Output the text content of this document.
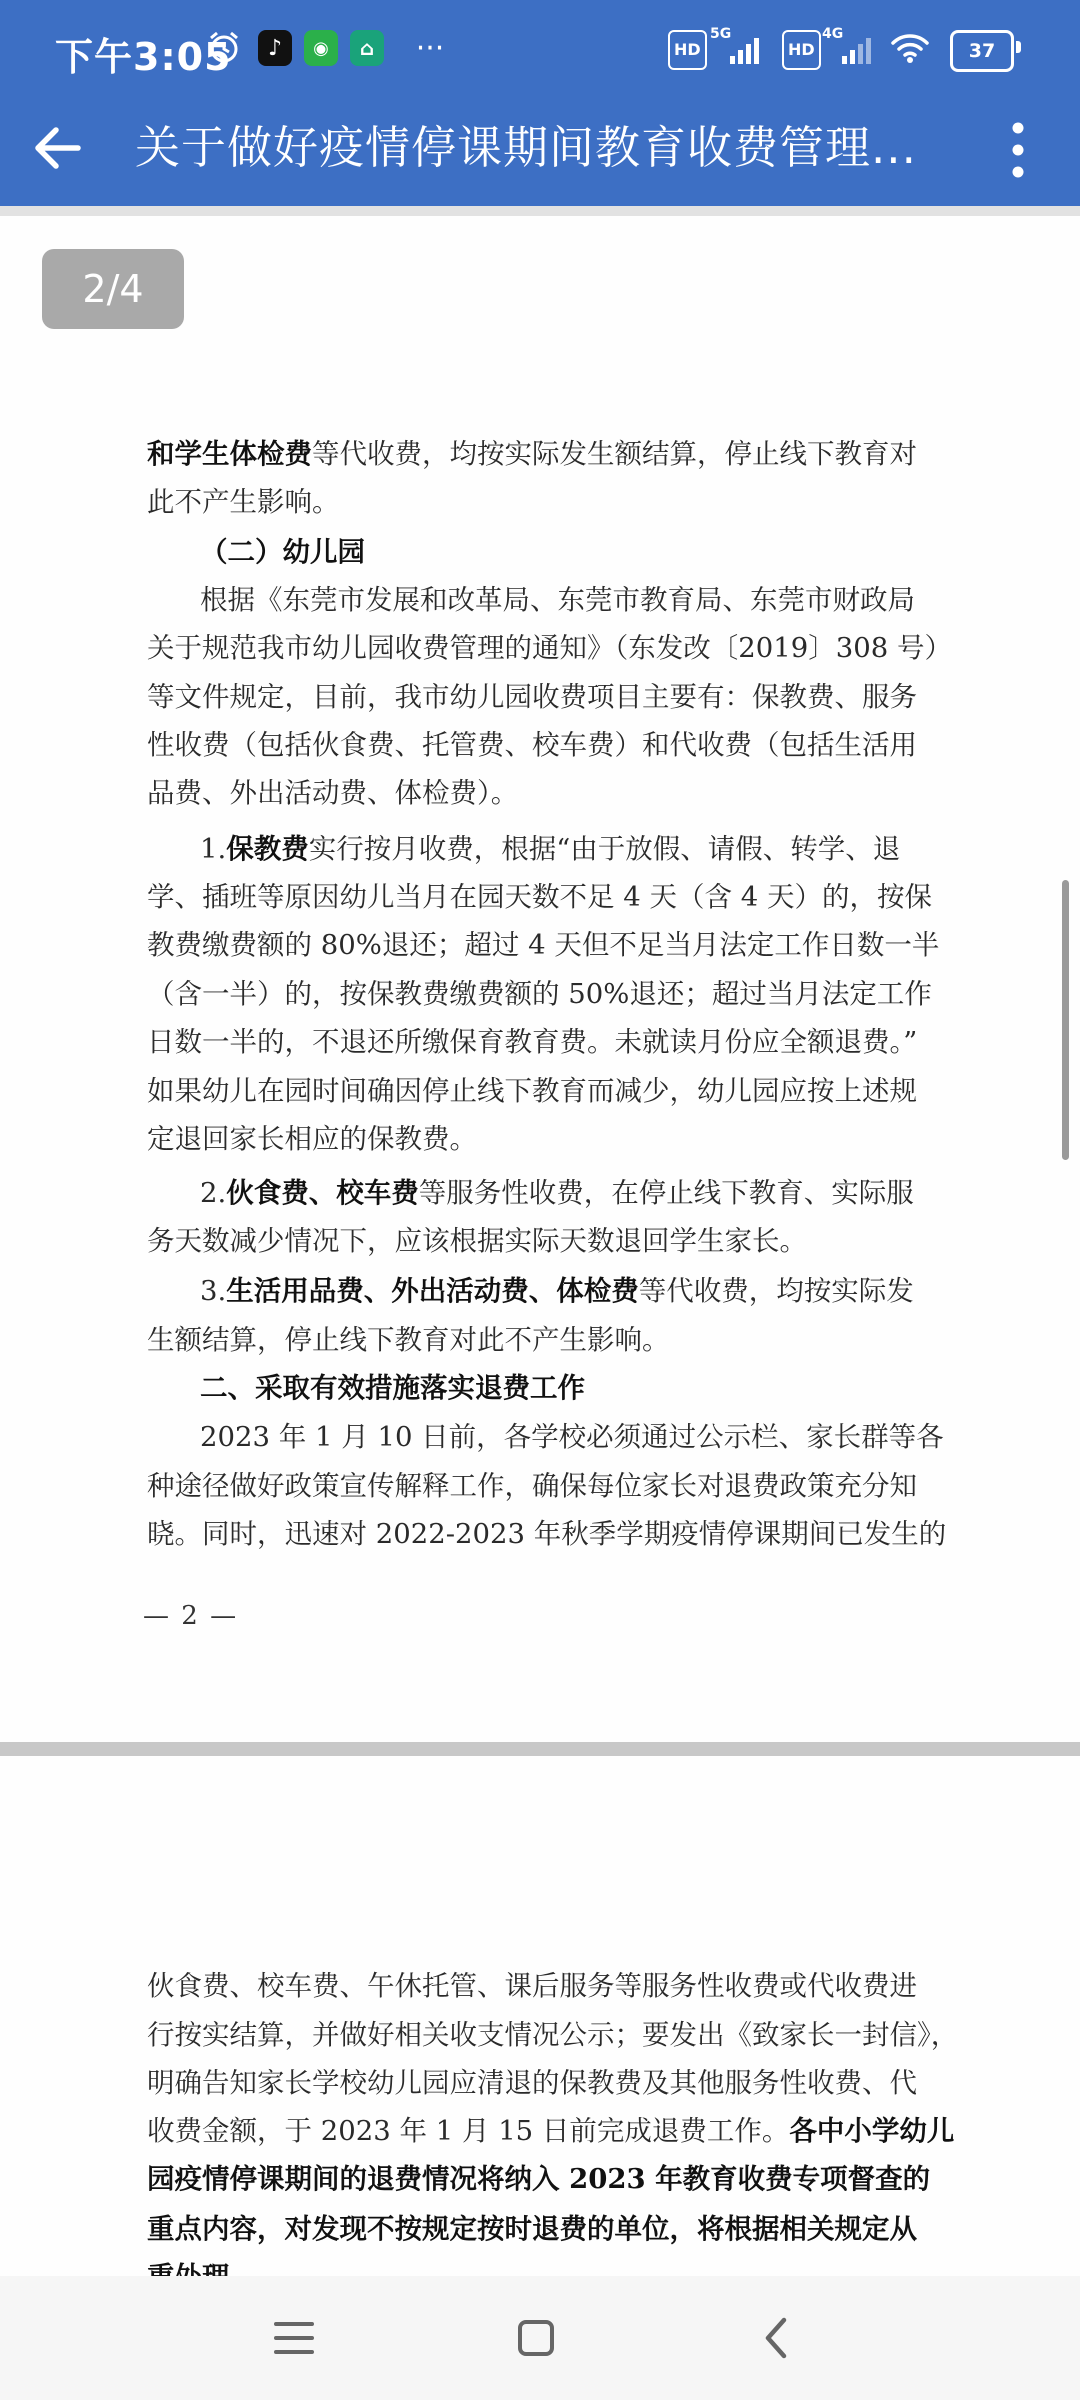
下午3:05	♪	◉	⌂	···	HD
5G
HD
4G
37
关于做好疫情停课期间教育收费管理...
2/4
和学生体检费等代收费，均按实际发生额结算，停止线下教育对
此不产生影响。
（二）幼儿园
根据《东莞市发展和改革局、东莞市教育局、东莞市财政局
关于规范我市幼儿园收费管理的通知》（东发改〔2019〕308 号）
等文件规定，目前，我市幼儿园收费项目主要有：保教费、服务
性收费（包括伙食费、托管费、校车费）和代收费（包括生活用
品费、外出活动费、体检费）。
1.保教费实行按月收费，根据“由于放假、请假、转学、退
学、插班等原因幼儿当月在园天数不足 4 天（含 4 天）的，按保
教费缴费额的 80%退还；超过 4 天但不足当月法定工作日数一半
（含一半）的，按保教费缴费额的 50%退还；超过当月法定工作
日数一半的，不退还所缴保育教育费。未就读月份应全额退费。”
如果幼儿在园时间确因停止线下教育而减少，幼儿园应按上述规
定退回家长相应的保教费。
2.伙食费、校车费等服务性收费，在停止线下教育、实际服
务天数减少情况下，应该根据实际天数退回学生家长。
3.生活用品费、外出活动费、体检费等代收费，均按实际发
生额结算，停止线下教育对此不产生影响。
二、采取有效措施落实退费工作
2023 年 1 月 10 日前，各学校必须通过公示栏、家长群等各
种途径做好政策宣传解释工作，确保每位家长对退费政策充分知
晓。同时，迅速对 2022-2023 年秋季学期疫情停课期间已发生的
— 2 —
伙食费、校车费、午休托管、课后服务等服务性收费或代收费进
行按实结算，并做好相关收支情况公示；要发出《致家长一封信》，
明确告知家长学校幼儿园应清退的保教费及其他服务性收费、代
收费金额，于 2023 年 1 月 15 日前完成退费工作。各中小学幼儿
园疫情停课期间的退费情况将纳入 2023 年教育收费专项督查的
重点内容，对发现不按规定按时退费的单位，将根据相关规定从
